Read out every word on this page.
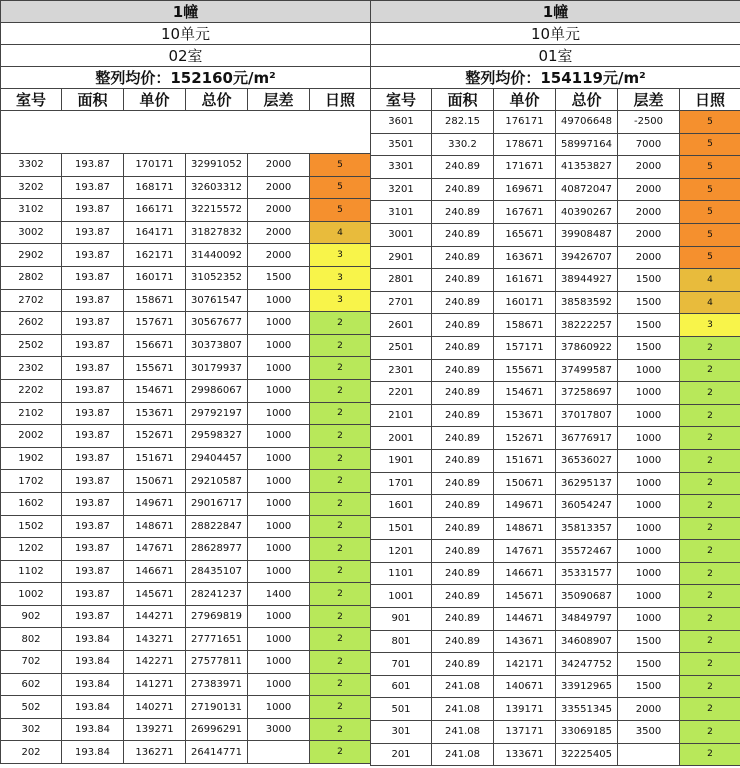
1幢					
10单元					
02室					
整列均价：152160元/m²					
室号	面积	单价	总价	层差	日照

3302	193.87	170171	32991052	2000	5
3202	193.87	168171	32603312	2000	5
3102	193.87	166171	32215572	2000	5
3002	193.87	164171	31827832	2000	4
2902	193.87	162171	31440092	2000	3
2802	193.87	160171	31052352	1500	3
2702	193.87	158671	30761547	1000	3
2602	193.87	157671	30567677	1000	2
2502	193.87	156671	30373807	1000	2
2302	193.87	155671	30179937	1000	2
2202	193.87	154671	29986067	1000	2
2102	193.87	153671	29792197	1000	2
2002	193.87	152671	29598327	1000	2
1902	193.87	151671	29404457	1000	2
1702	193.87	150671	29210587	1000	2
1602	193.87	149671	29016717	1000	2
1502	193.87	148671	28822847	1000	2
1202	193.87	147671	28628977	1000	2
1102	193.87	146671	28435107	1000	2
1002	193.87	145671	28241237	1400	2
902	193.87	144271	27969819	1000	2
802	193.84	143271	27771651	1000	2
702	193.84	142271	27577811	1000	2
602	193.84	141271	27383971	1000	2
502	193.84	140271	27190131	1000	2
302	193.84	139271	26996291	3000	2
202	193.84	136271	26414771		2
1幢					
10单元					
01室					
整列均价：154119元/m²					
室号	面积	单价	总价	层差	日照
3601	282.15	176171	49706648	-2500	5
3501	330.2	178671	58997164	7000	5
3301	240.89	171671	41353827	2000	5
3201	240.89	169671	40872047	2000	5
3101	240.89	167671	40390267	2000	5
3001	240.89	165671	39908487	2000	5
2901	240.89	163671	39426707	2000	5
2801	240.89	161671	38944927	1500	4
2701	240.89	160171	38583592	1500	4
2601	240.89	158671	38222257	1500	3
2501	240.89	157171	37860922	1500	2
2301	240.89	155671	37499587	1000	2
2201	240.89	154671	37258697	1000	2
2101	240.89	153671	37017807	1000	2
2001	240.89	152671	36776917	1000	2
1901	240.89	151671	36536027	1000	2
1701	240.89	150671	36295137	1000	2
1601	240.89	149671	36054247	1000	2
1501	240.89	148671	35813357	1000	2
1201	240.89	147671	35572467	1000	2
1101	240.89	146671	35331577	1000	2
1001	240.89	145671	35090687	1000	2
901	240.89	144671	34849797	1000	2
801	240.89	143671	34608907	1500	2
701	240.89	142171	34247752	1500	2
601	241.08	140671	33912965	1500	2
501	241.08	139171	33551345	2000	2
301	241.08	137171	33069185	3500	2
201	241.08	133671	32225405		2
